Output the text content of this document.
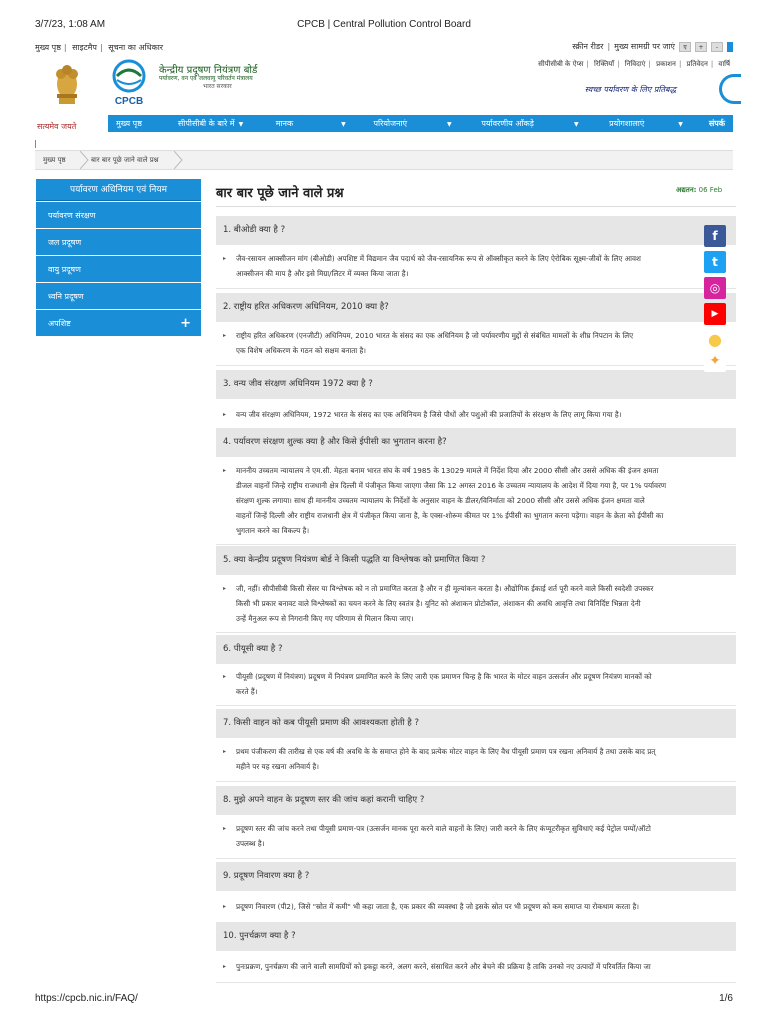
3/7/23, 1:08 AM	CPCB | Central Pollution Control Board
मुख्य पृष्ठ | साइटमैप | सूचना का अधिकार	स्क्रीन रीडर | मुख्य सामग्री पर जाएं	ए	+	-
सत्यमेव जयते
CPCB
केन्द्रीय प्रदूषण नियंत्रण बोर्ड
पर्यावरण, वन एवं जलवायु परिवर्तन मंत्रालय
भारत सरकार
सीपीसीबी के ऐप्स | रिक्तियाँ | निविदाएं | प्रकाशन | प्रतिवेदन | वार्षि
स्वच्छ पर्यावरण के लिए प्रतिबद्ध
मुख्य पृष्ठ	सीपीसीबी के बारे में ▼	मानक	▼	परियोजनाएं	▼	पर्यावरणीय आँकड़े	▼	प्रयोगशालाएं	▼	संपर्क
मुख्य पृष्ठ	बार बार पूछे जाने वाले प्रश्न
पर्यावरण अधिनियम एवं नियम
पर्यावरण संरक्षण
जल प्रदूषण
वायु प्रदूषण
ध्वनि प्रदूषण
अपशिष्ट	+
बार बार पूछे जाने वाले प्रश्न	अद्यतन: 06 Feb
1. बीओडी क्या है ?
▸ जैव-रसायन आक्सीजन मांग (बीओडी) अपशिष्ट में विद्यमान जैव पदार्थ को जैव-रसायनिक रूप से ऑक्सीकृत करने के लिए ऐरोबिक सूक्ष्म-जीवों के लिए आवश
आक्सीजन की माप है और इसे मिग्रा/लिटर में व्यक्त किया जाता है।
2. राष्ट्रीय हरित अधिकरण अधिनियम, 2010 क्या है?
▸ राष्ट्रीय हरित अधिकरण (एनजीटी) अधिनियम, 2010 भारत के संसद का एक अधिनियम है जो पर्यावरणीय मुद्दों से संबंधित मामलों के शीघ्र निपटान के लिए
एक विशेष अधिकरण के गठन को सक्षम बनाता है।
3. वन्य जीव संरक्षण अधिनियम 1972 क्या है ?
▸ वन्य जीव संरक्षण अधिनियम, 1972 भारत के संसद का एक अधिनियम है जिसे पौधों और पशुओं की प्रजातियों के संरक्षण के लिए लागू किया गया है।
4. पर्यावरण संरक्षण शुल्क क्या है और किसे ईपीसी का भुगतान करना है?
▸ माननीय उच्चतम न्यायालय ने एम.सी. मेहता बनाम भारत संघ के वर्ष 1985 के 13029 मामले में निर्देश दिया और 2000 सीसी और उससे अधिक की इंजन क्षमता
डीजल वाहनों जिन्हे राष्ट्रीय राजधानी क्षेत्र दिल्ली में पंजीकृत किया जाएगा जैसा कि 12 अगस्त 2016 के उच्चतम न्यायालय के आदेश में दिया गया है, पर 1% पर्यावरण
संरक्षण शुल्क लगाया। साथ ही माननीय उच्चतम न्यायालय के निर्देशों के अनुसार वाहन के डीलर/विनिर्माता को 2000 सीसी और उससे अधिक इंजन क्षमता वाले
वाहनों जिन्हें दिल्ली और राष्ट्रीय राजधानी क्षेत्र में पंजीकृत किया जाना है, के एक्स-शोरूम कीमत पर 1% ईपीसी का भुगतान करना पड़ेगा। वाहन के क्रेता को ईपीसी का
भुगतान करने का विकल्प है।
5. क्या केन्द्रीय प्रदूषण नियंत्रण बोर्ड ने किसी पद्धति या विश्लेषक को प्रमाणित किया ?
▸ जी, नहीं। सीपीसीबी किसी सेंसर या विश्लेषक को न तो प्रमाणित करता है और न ही मूल्यांकन करता है। औद्योगिक ईकाई शर्त पूरी करने वाले किसी स्वदेशी उपस्कर
किसी भी प्रकार बनावट वाले विश्लेषकों का चयन करने के लिए स्वतंत्र है। यूनिट को अंशाकन प्रोटोकॉल, अंशाकन की अवधि आवृत्ति तथा विनिर्दिष्ट भिन्नता देनी
उन्हें मैनुअल रूप से निगरानी किए गए परिणाम से मिलान किया जाए।
6. पीयूसी क्या है ?
▸ पीयूसी (प्रदूषण में नियंत्रण) प्रदूषण में नियंत्रण प्रमाणित करने के लिए जारी एक प्रमाणन चिन्ह है कि भारत के मोटर वाहन उत्सर्जन और प्रदूषण नियंत्रण मानकों को
करते हैं।
7. किसी वाहन को कब पीयूसी प्रमाण की आवश्यकता होती है ?
▸ प्रथम पंजीकरण की तारीख से एक वर्ष की अवधि के के समाप्त होने के बाद प्रत्येक मोटर वाहन के लिए वैध पीयूसी प्रमाण पत्र रखना अनिवार्य है तथा उसके बाद प्रत्
महीने पर यह रखना अनिवार्य है।
8. मुझे अपने वाहन के प्रदूषण स्तर की जांच कहां करानी चाहिए ?
▸ प्रदूषण स्तर की जांच करने तथा पीयूसी प्रमाण-पत्र (उत्सर्जन मानक पूरा करने वाले वाहनों के लिए) जारी करने के लिए कंप्यूटरीकृत सुविधाएं कई पेट्रोल पम्पों/ऑटो
उपलब्ध है।
9. प्रदूषण निवारण क्या है ?
▸ प्रदूषण निवारण (पी2), जिसे "स्रोत में कमी" भी कहा जाता है, एक प्रकार की व्यवस्था है जो इसके स्रोत पर भी प्रदूषण को कम समाप्त या रोकथाम करता है।
10. पुनर्चक्रण क्या है ?
▸ पुनःप्रक्रण, पुनर्चक्रण की जाने वाली सामग्रियों को इकट्ठा करने, अलग करने, संसाधित करने और बेचने की प्रक्रिया है ताकि उनको नए उत्पादों में परिवर्तित किया जा
f
t
◎
▶
●
✦
https://cpcb.nic.in/FAQ/	1/6
